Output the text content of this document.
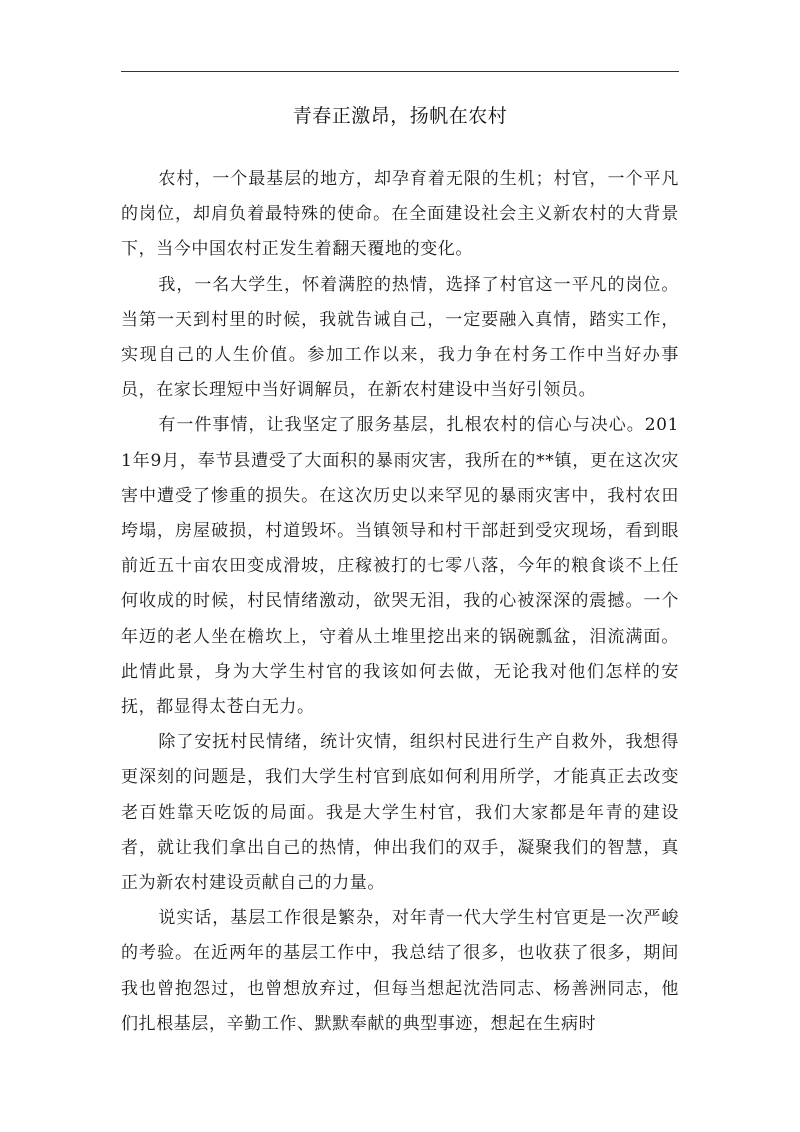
青春正激昂，扬帆在农村

农村，一个最基层的地方，却孕育着无限的生机；村官，一个平凡的岗位，却肩负着最特殊的使命。在全面建设社会主义新农村的大背景下，当今中国农村正发生着翻天覆地的变化。

我，一名大学生，怀着满腔的热情，选择了村官这一平凡的岗位。当第一天到村里的时候，我就告诫自己，一定要融入真情，踏实工作，实现自己的人生价值。参加工作以来，我力争在村务工作中当好办事员，在家长理短中当好调解员，在新农村建设中当好引领员。

有一件事情，让我坚定了服务基层，扎根农村的信心与决心。2011年9月，奉节县遭受了大面积的暴雨灾害，我所在的**镇，更在这次灾害中遭受了惨重的损失。在这次历史以来罕见的暴雨灾害中，我村农田垮塌，房屋破损，村道毁坏。当镇领导和村干部赶到受灾现场，看到眼前近五十亩农田变成滑坡，庄稼被打的七零八落，今年的粮食谈不上任何收成的时候，村民情绪激动，欲哭无泪，我的心被深深的震撼。一个年迈的老人坐在檐坎上，守着从土堆里挖出来的锅碗瓢盆，泪流满面。此情此景，身为大学生村官的我该如何去做，无论我对他们怎样的安抚，都显得太苍白无力。

除了安抚村民情绪，统计灾情，组织村民进行生产自救外，我想得更深刻的问题是，我们大学生村官到底如何利用所学，才能真正去改变老百姓靠天吃饭的局面。我是大学生村官，我们大家都是年青的建设者，就让我们拿出自己的热情，伸出我们的双手，凝聚我们的智慧，真正为新农村建设贡献自己的力量。

说实话，基层工作很是繁杂，对年青一代大学生村官更是一次严峻的考验。在近两年的基层工作中，我总结了很多，也收获了很多，期间我也曾抱怨过，也曾想放弃过，但每当想起沈浩同志、杨善洲同志，他们扎根基层，辛勤工作、默默奉献的典型事迹，想起在生病时
